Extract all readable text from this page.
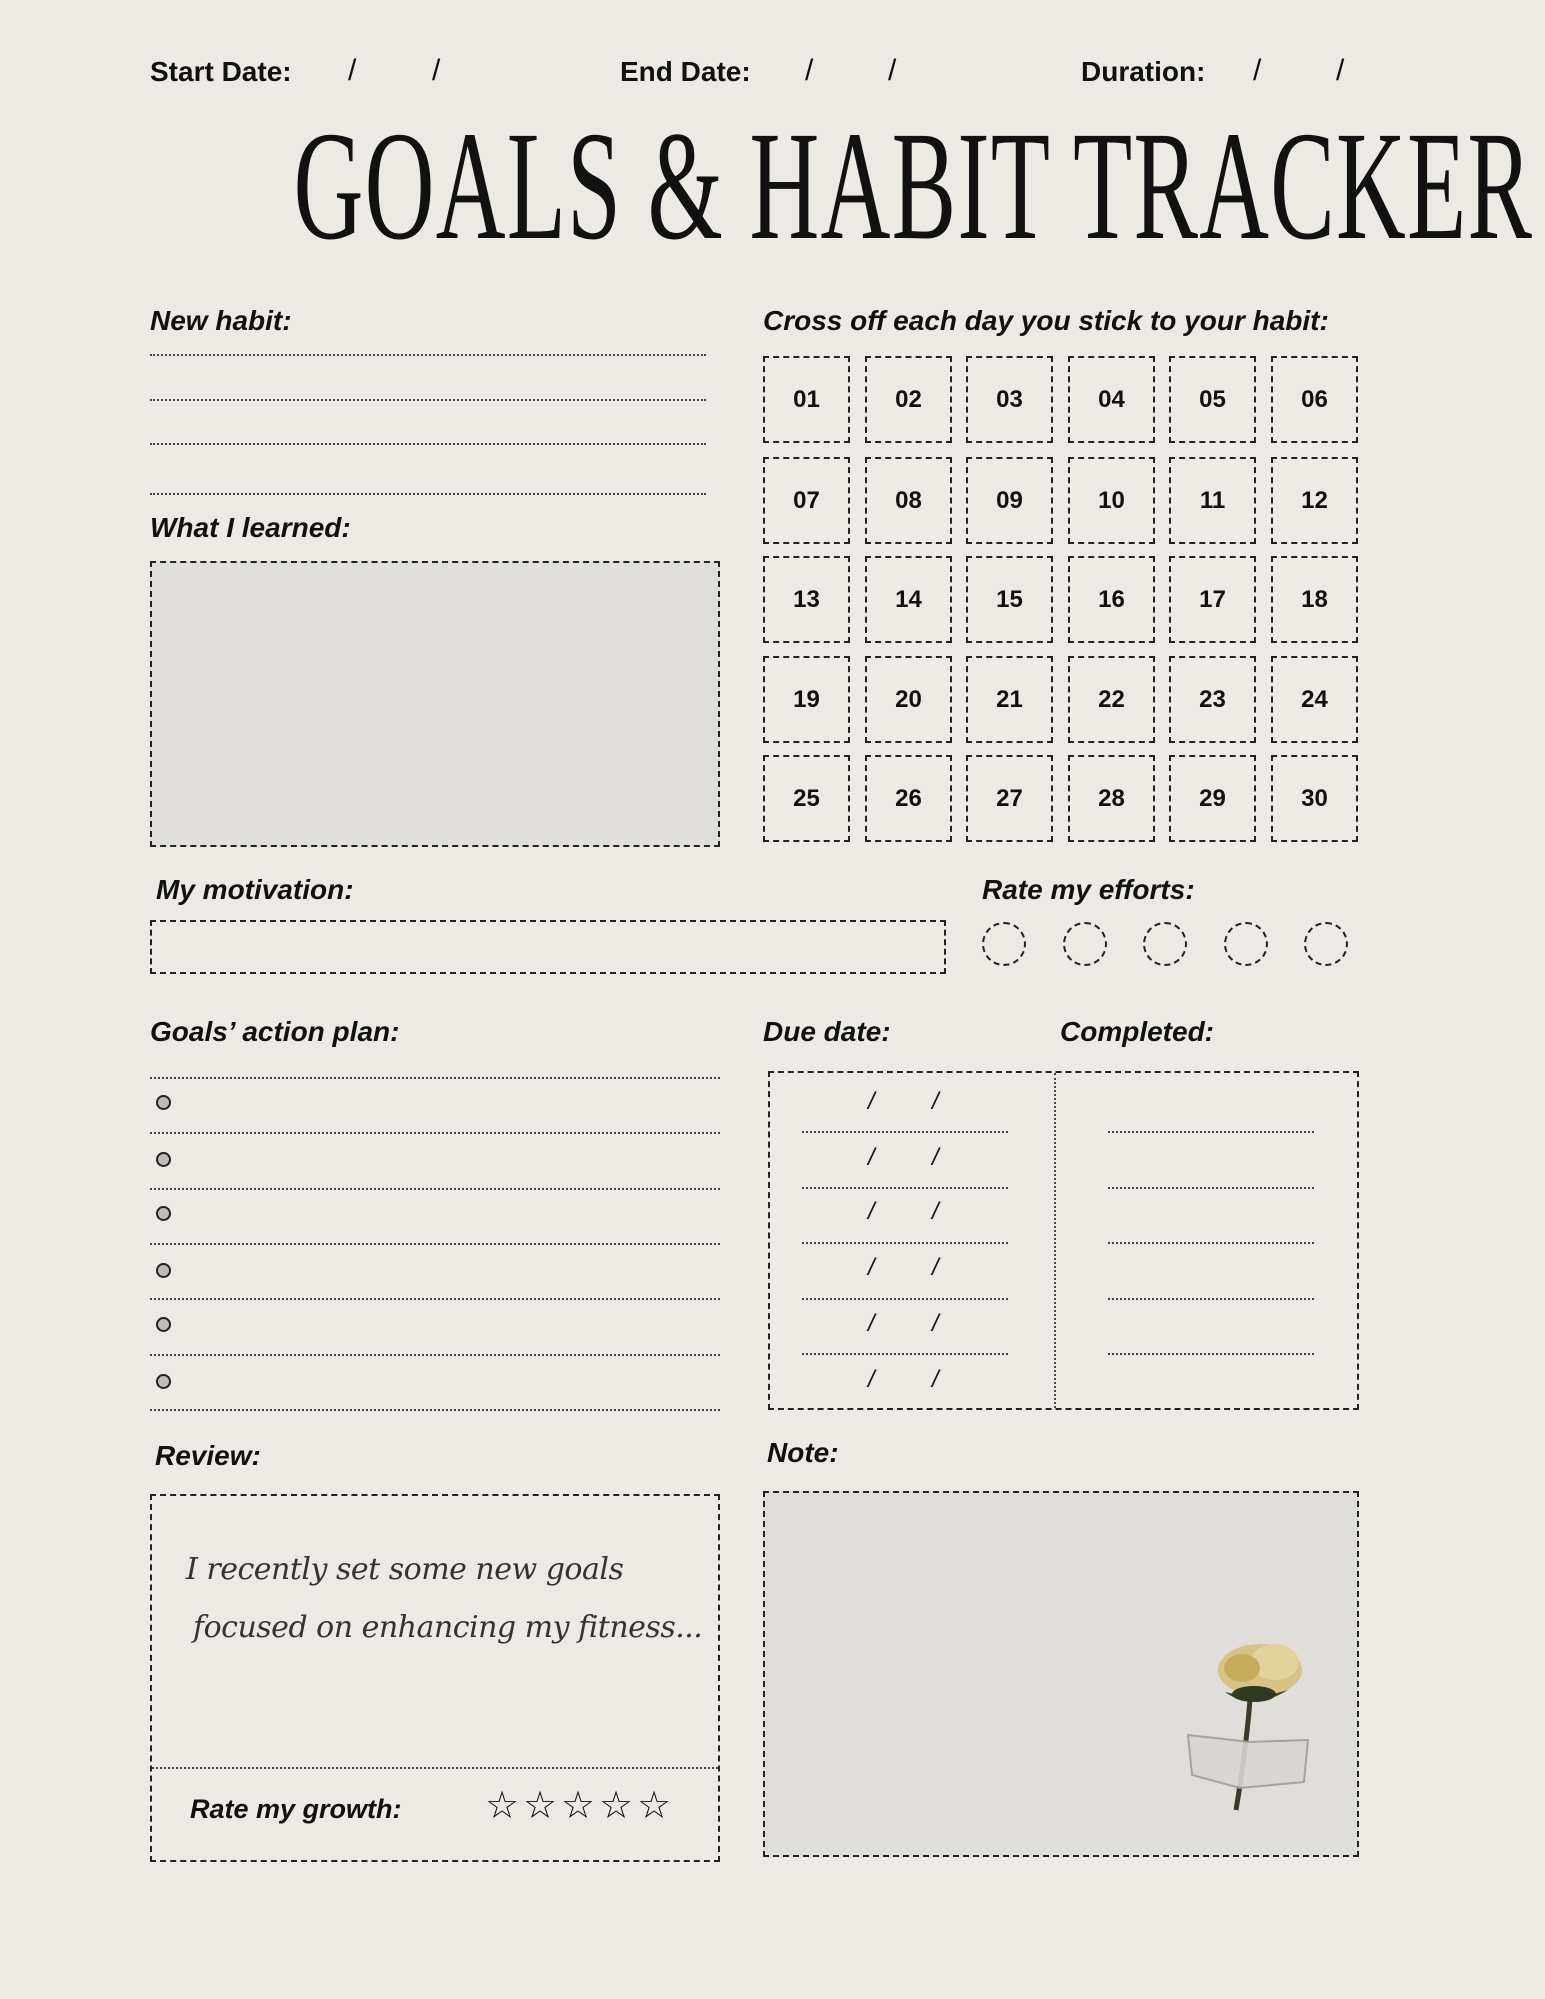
Start Date: /	/	End Date: / /	Duration: / /
GOALS & HABIT TRACKER
New habit:
What I learned:
Cross off each day you stick to your habit:
01	02	03	04	05	06
07	08	09	10	11	12
13	14	15	16	17	18
19	20	21	22	23	24
25	26	27	28	29	30
My motivation:	Rate my efforts:
Goals’ action plan:	Due date:	Completed:
/ /
/ /
/ /
/ /
/ /
/ /
Review:
I recently set some new goals
focused on enhancing my fitness...
Rate my growth: ☆ ☆ ☆ ☆ ☆
Note:
